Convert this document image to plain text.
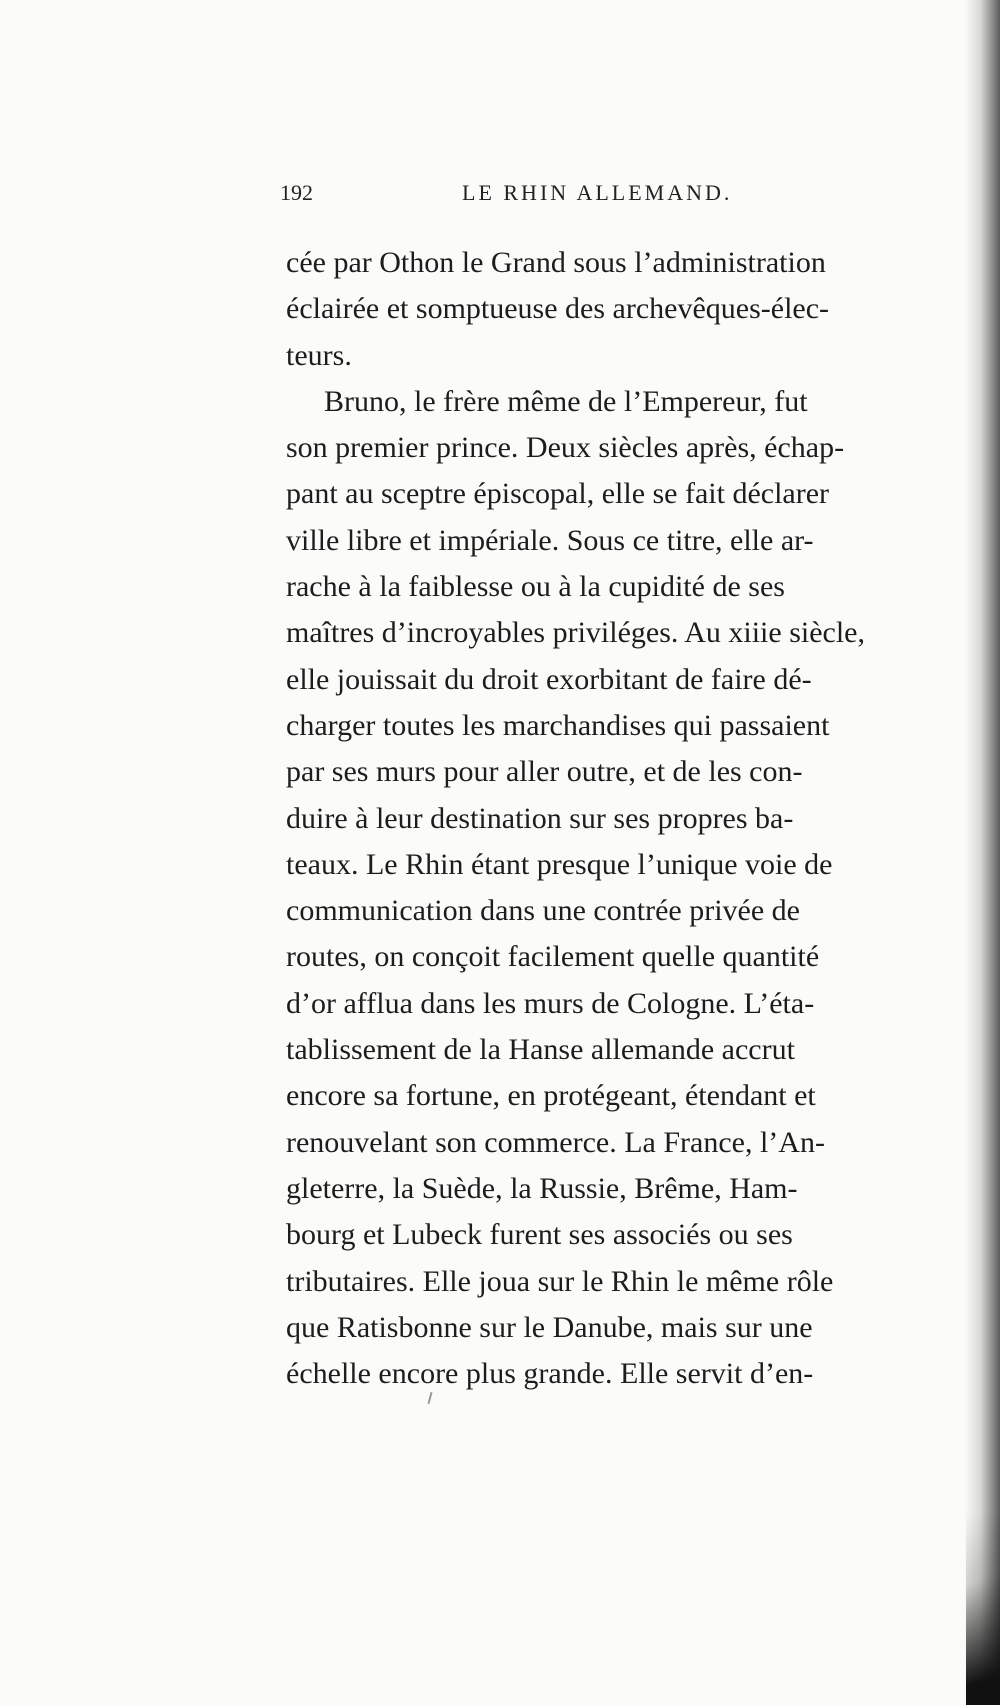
192	LE RHIN ALLEMAND.
cée par Othon le Grand sous l’administration
éclairée et somptueuse des archevêques-élec-
teurs.
Bruno, le frère même de l’Empereur, fut
son premier prince. Deux siècles après, échap-
pant au sceptre épiscopal, elle se fait déclarer
ville libre et impériale. Sous ce titre, elle ar-
rache à la faiblesse ou à la cupidité de ses
maîtres d’incroyables priviléges. Au xiiie siècle,
elle jouissait du droit exorbitant de faire dé-
charger toutes les marchandises qui passaient
par ses murs pour aller outre, et de les con-
duire à leur destination sur ses propres ba-
teaux. Le Rhin étant presque l’unique voie de
communication dans une contrée privée de
routes, on conçoit facilement quelle quantité
d’or afflua dans les murs de Cologne. L’éta-
tablissement de la Hanse allemande accrut
encore sa fortune, en protégeant, étendant et
renouvelant son commerce. La France, l’An-
gleterre, la Suède, la Russie, Brême, Ham-
bourg et Lubeck furent ses associés ou ses
tributaires. Elle joua sur le Rhin le même rôle
que Ratisbonne sur le Danube, mais sur une
échelle encore plus grande. Elle servit d’en-
